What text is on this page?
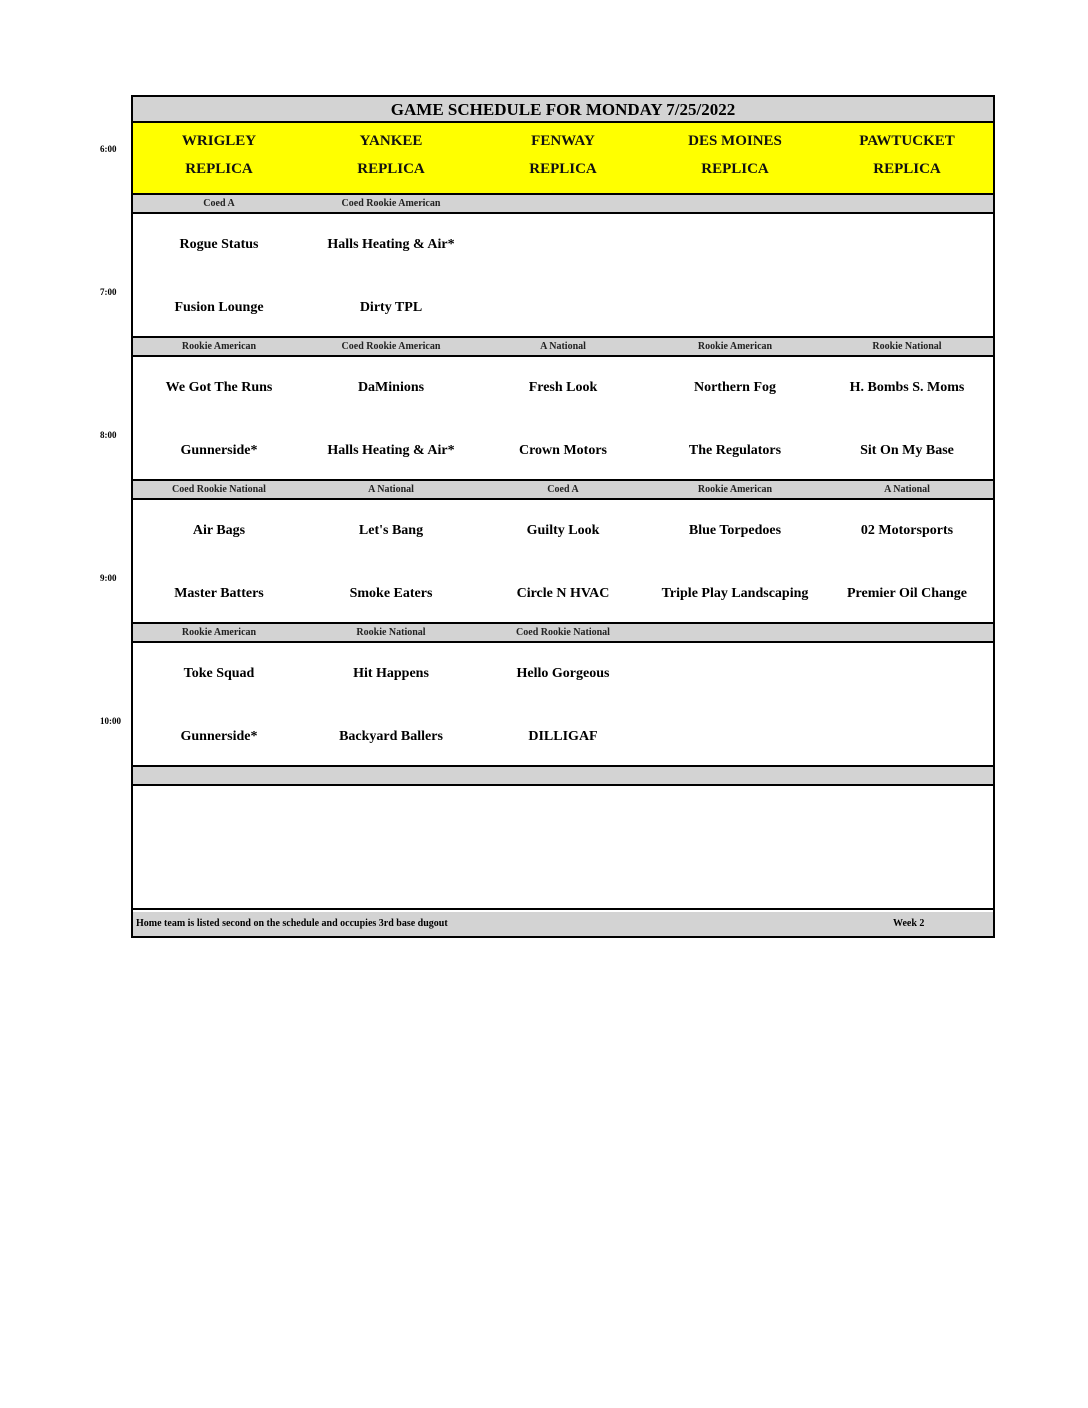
GAME SCHEDULE FOR MONDAY 7/25/2022
WRIGLEY
REPLICA
YANKEE
REPLICA
FENWAY
REPLICA
DES MOINES
REPLICA
PAWTUCKET
REPLICA
Coed A
Rogue Status
Fusion Lounge
Coed Rookie American
Halls Heating & Air*
Dirty TPL
Rookie American
We Got The Runs
Gunnerside*
Coed Rookie American
DaMinions
Halls Heating & Air*
A National
Fresh Look
Crown Motors
Rookie American
Northern Fog
The Regulators
Rookie National
H. Bombs S. Moms
Sit On My Base
Coed Rookie National
Air Bags
Master Batters
A National
Let's Bang
Smoke Eaters
Coed A
Guilty Look
Circle N HVAC
Rookie American
Blue Torpedoes
Triple Play Landscaping
A National
02 Motorsports
Premier Oil Change
Rookie American
Toke Squad
Gunnerside*
Rookie National
Hit Happens
Backyard Ballers
Coed Rookie National
Hello Gorgeous
DILLIGAF
Home team is listed second on the schedule and occupies 3rd base dugout	Week 2
6:00
7:00
8:00
9:00
10:00
